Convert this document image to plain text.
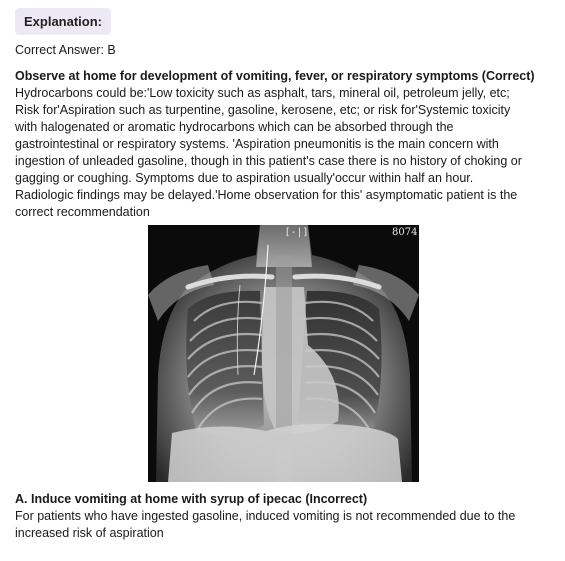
Explanation:
Correct Answer: B
Observe at home for development of vomiting, fever, or respiratory symptoms (Correct)
Hydrocarbons could be:'Low toxicity such as asphalt, tars, mineral oil, petroleum jelly, etc;
Risk for'Aspiration such as turpentine, gasoline, kerosene, etc; or risk for'Systemic toxicity
with halogenated or aromatic hydrocarbons which can be absorbed through the
gastrointestinal or respiratory systems. 'Aspiration pneumonitis is the main concern with
ingestion of unleaded gasoline, though in this patient's case there is no history of choking or
gagging or coughing. Symptoms due to aspiration usually'occur within half an hour.
Radiologic findings may be delayed.'Home observation for this' asymptomatic patient is the
correct recommendation
[-|]	8074
A. Induce vomiting at home with syrup of ipecac (Incorrect)
For patients who have ingested gasoline, induced vomiting is not recommended due to the
increased risk of aspiration
